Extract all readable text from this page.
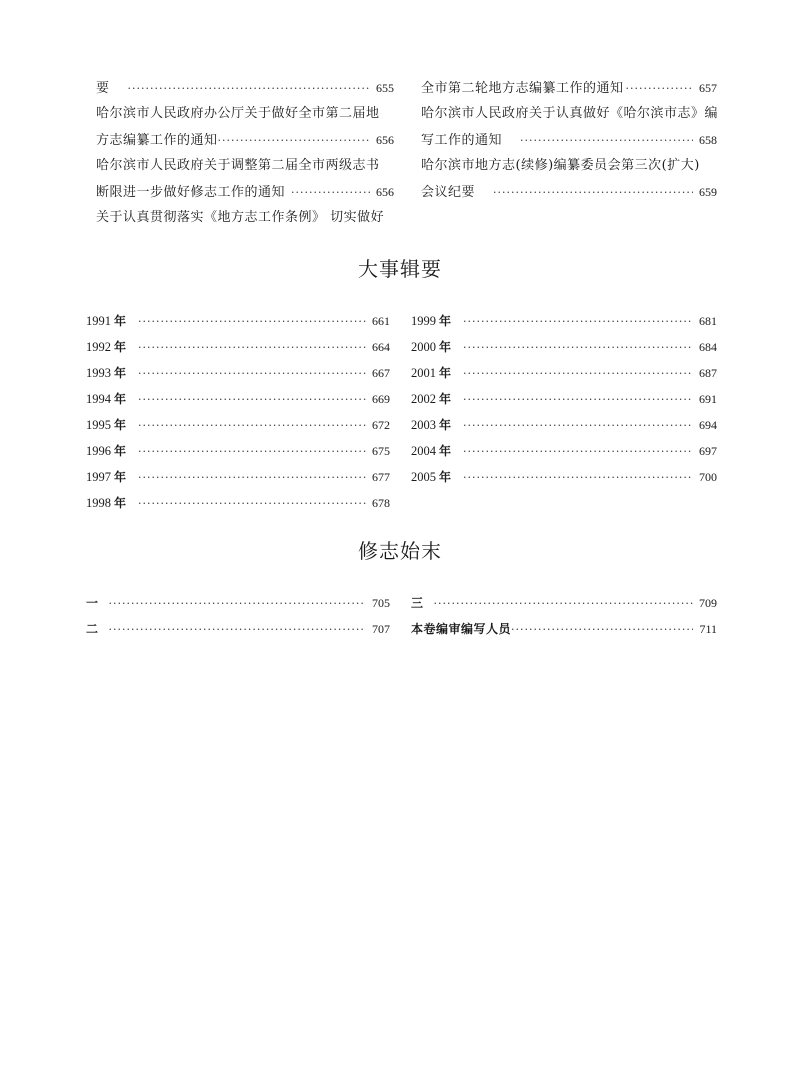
要 ·····	655
哈尔滨市人民政府办公厅关于做好全市第二届地
方志编纂工作的通知 ·····	656
哈尔滨市人民政府关于调整第二届全市两级志书
断限进一步做好修志工作的通知 ·····	656
关于认真贯彻落实《地方志工作条例》 切实做好
全市第二轮地方志编纂工作的通知 ·····	657
哈尔滨市人民政府关于认真做好《哈尔滨市志》编
写工作的通知 ·····	658
哈尔滨市地方志(续修)编纂委员会第三次(扩大)
会议纪要 ·····	659
大事辑要
1991 年 ·····	661
1992 年 ·····	664
1993 年 ·····	667
1994 年 ·····	669
1995 年 ·····	672
1996 年 ·····	675
1997 年 ·····	677
1998 年 ·····	678
1999 年 ·····	681
2000 年 ·····	684
2001 年 ·····	687
2002 年 ·····	691
2003 年 ·····	694
2004 年 ·····	697
2005 年 ·····	700
修志始末
一 ·····	705
二 ·····	707
三 ·····	709
本卷编审编写人员 ·····	711
